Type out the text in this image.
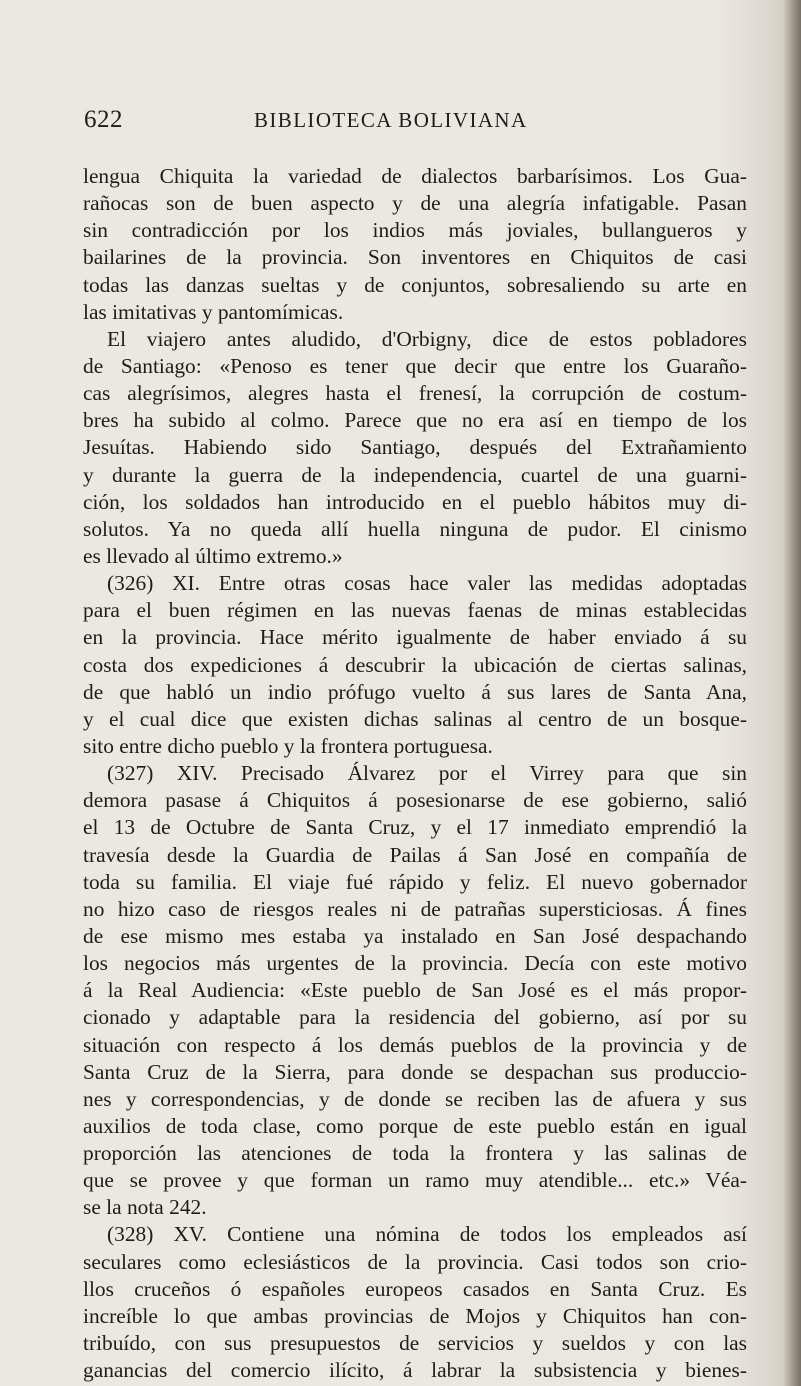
622	BIBLIOTECA BOLIVIANA
lengua Chiquita la variedad de dialectos barbarísimos. Los Gua-
rañocas son de buen aspecto y de una alegría infatigable. Pasan
sin contradicción por los indios más joviales, bullangueros y
bailarines de la provincia. Son inventores en Chiquitos de casi
todas las danzas sueltas y de conjuntos, sobresaliendo su arte en
las imitativas y pantomímicas.
El viajero antes aludido, d'Orbigny, dice de estos pobladores
de Santiago: «Penoso es tener que decir que entre los Guaraño-
cas alegrísimos, alegres hasta el frenesí, la corrupción de costum-
bres ha subido al colmo. Parece que no era así en tiempo de los
Jesuítas. Habiendo sido Santiago, después del Extrañamiento
y durante la guerra de la independencia, cuartel de una guarni-
ción, los soldados han introducido en el pueblo hábitos muy di-
solutos. Ya no queda allí huella ninguna de pudor. El cinismo
es llevado al último extremo.»
(326) XI. Entre otras cosas hace valer las medidas adoptadas
para el buen régimen en las nuevas faenas de minas establecidas
en la provincia. Hace mérito igualmente de haber enviado á su
costa dos expediciones á descubrir la ubicación de ciertas salinas,
de que habló un indio prófugo vuelto á sus lares de Santa Ana,
y el cual dice que existen dichas salinas al centro de un bosque-
sito entre dicho pueblo y la frontera portuguesa.
(327) XIV. Precisado Álvarez por el Virrey para que sin
demora pasase á Chiquitos á posesionarse de ese gobierno, salió
el 13 de Octubre de Santa Cruz, y el 17 inmediato emprendió la
travesía desde la Guardia de Pailas á San José en compañía de
toda su familia. El viaje fué rápido y feliz. El nuevo gobernador
no hizo caso de riesgos reales ni de patrañas supersticiosas. Á fines
de ese mismo mes estaba ya instalado en San José despachando
los negocios más urgentes de la provincia. Decía con este motivo
á la Real Audiencia: «Este pueblo de San José es el más propor-
cionado y adaptable para la residencia del gobierno, así por su
situación con respecto á los demás pueblos de la provincia y de
Santa Cruz de la Sierra, para donde se despachan sus produccio-
nes y correspondencias, y de donde se reciben las de afuera y sus
auxilios de toda clase, como porque de este pueblo están en igual
proporción las atenciones de toda la frontera y las salinas de
que se provee y que forman un ramo muy atendible... etc.» Véa-
se la nota 242.
(328) XV. Contiene una nómina de todos los empleados así
seculares como eclesiásticos de la provincia. Casi todos son crio-
llos cruceños ó españoles europeos casados en Santa Cruz. Es
increíble lo que ambas provincias de Mojos y Chiquitos han con-
tribuído, con sus presupuestos de servicios y sueldos y con las
ganancias del comercio ilícito, á labrar la subsistencia y bienes-
